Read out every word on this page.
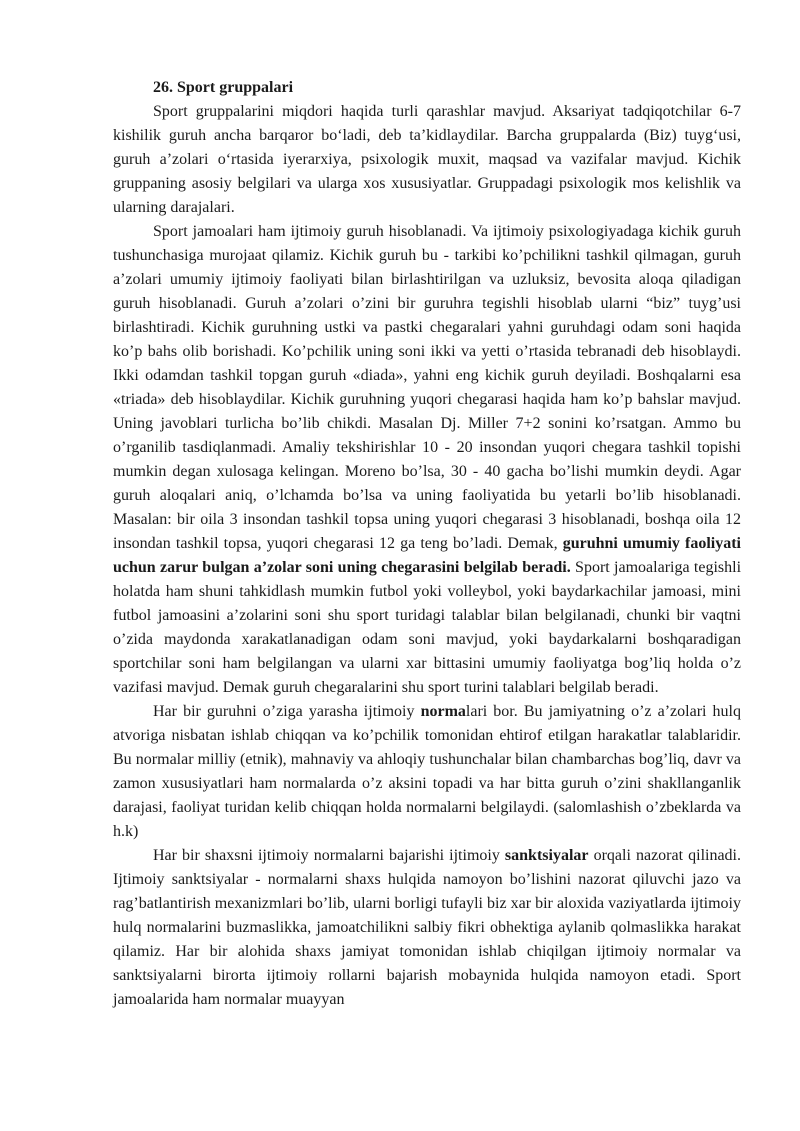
26. Sport gruppalari

Sport gruppalarini miqdori haqida turli qarashlar mavjud. Aksariyat tadqiqotchilar 6-7 kishilik guruh ancha barqaror bo‘ladi, deb ta’kidlaydilar. Barcha gruppalarda (Biz) tuyg‘usi, guruh a’zolari o‘rtasida iyerarxiya, psixologik muxit, maqsad va vazifalar mavjud. Kichik gruppaning asosiy belgilari va ularga xos xususiyatlar. Gruppadagi psixologik mos kelishlik va ularning darajalari.

Sport jamoalari ham ijtimoiy guruh hisoblanadi. Va ijtimoiy psixologiyadaga kichik guruh tushunchasiga murojaat qilamiz. Kichik guruh bu - tarkibi ko’pchilikni tashkil qilmagan, guruh a’zolari umumiy ijtimoiy faoliyati bilan birlashtirilgan va uzluksiz, bevosita aloqa qiladigan guruh hisoblanadi. Guruh a’zolari o’zini bir guruhra tegishli hisoblab ularni “biz” tuyg’usi birlashtiradi. Kichik guruhning ustki va pastki chegaralari yahni guruhdagi odam soni haqida ko’p bahs olib borishadi. Ko’pchilik uning soni ikki va yetti o’rtasida tebranadi deb hisoblaydi. Ikki odamdan tashkil topgan guruh «diada», yahni eng kichik guruh deyiladi. Boshqalarni esa «triada» deb hisoblaydilar. Kichik guruhning yuqori chegarasi haqida ham ko’p bahslar mavjud. Uning javoblari turlicha bo’lib chikdi. Masalan Dj. Miller 7+2 sonini ko’rsatgan. Ammo bu o’rganilib tasdiqlanmadi. Amaliy tekshirishlar 10 - 20 insondan yuqori chegara tashkil topishi mumkin degan xulosaga kelingan. Moreno bo’lsa, 30 - 40 gacha bo’lishi mumkin deydi. Agar guruh aloqalari aniq, o’lchamda bo’lsa va uning faoliyatida bu yetarli bo’lib hisoblanadi. Masalan: bir oila 3 insondan tashkil topsa uning yuqori chegarasi 3 hisoblanadi, boshqa oila 12 insondan tashkil topsa, yuqori chegarasi 12 ga teng bo’ladi. Demak, guruhni umumiy faoliyati uchun zarur bulgan a’zolar soni uning chegarasini belgilab beradi. Sport jamoalariga tegishli holatda ham shuni tahkidlash mumkin futbol yoki volleybol, yoki baydarkachilar jamoasi, mini futbol jamoasini a’zolarini soni shu sport turidagi talablar bilan belgilanadi, chunki bir vaqtni o’zida maydonda xarakatlanadigan odam soni mavjud, yoki baydarkalarni boshqaradigan sportchilar soni ham belgilangan va ularni xar bittasini umumiy faoliyatga bog’liq holda o’z vazifasi mavjud. Demak guruh chegaralarini shu sport turini talablari belgilab beradi.

Har bir guruhni o’ziga yarasha ijtimoiy normalari bor. Bu jamiyatning o’z a’zolari hulq atvoriga nisbatan ishlab chiqqan va ko’pchilik tomonidan ehtirof etilgan harakatlar talablaridir. Bu normalar milliy (etnik), mahnaviy va ahloqiy tushunchalar bilan chambarchas bog’liq, davr va zamon xususiyatlari ham normalarda o’z aksini topadi va har bitta guruh o’zini shakllanganlik darajasi, faoliyat turidan kelib chiqqan holda normalarni belgilaydi. (salomlashish o’zbeklarda va h.k)

Har bir shaxsni ijtimoiy normalarni bajarishi ijtimoiy sanktsiyalar orqali nazorat qilinadi. Ijtimoiy sanktsiyalar - normalarni shaxs hulqida namoyon bo’lishini nazorat qiluvchi jazo va rag’batlantirish mexanizmlari bo’lib, ularni borligi tufayli biz xar bir aloxida vaziyatlarda ijtimoiy hulq normalarini buzmaslikka, jamoatchilikni salbiy fikri obhektiga aylanib qolmaslikka harakat qilamiz. Har bir alohida shaxs jamiyat tomonidan ishlab chiqilgan ijtimoiy normalar va sanktsiyalarni birorta ijtimoiy rollarni bajarish mobaynida hulqida namoyon etadi. Sport jamoalarida ham normalar muayyan
